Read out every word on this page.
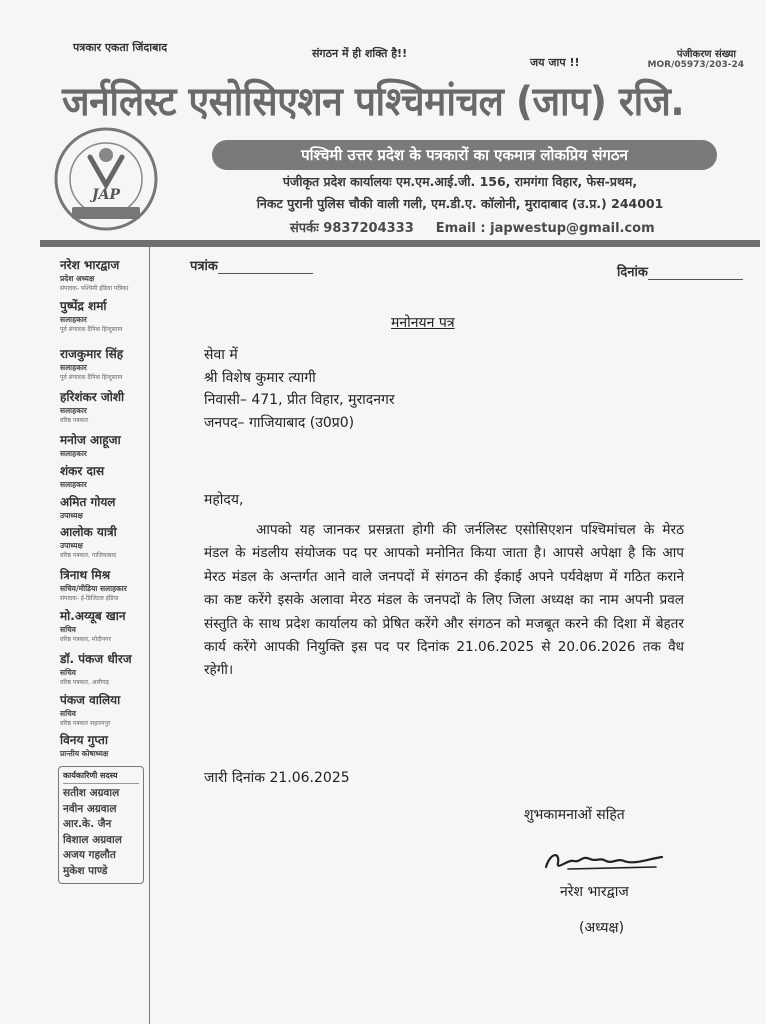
पत्रकार एकता जिंदाबाद	संगठन में ही शक्ति है!!
जय जाप !!
पंजीकरण संख्या
MOR/05973/203-24
जर्नलिस्ट एसोसिएशन पश्चिमांचल (जाप) रजि.
JAP
पश्चिमी उत्तर प्रदेश के पत्रकारों का एकमात्र लोकप्रिय संगठन
पंजीकृत प्रदेश कार्यालयः एम.एम.आई.जी. 156, रामगंगा विहार, फेस-प्रथम,
निकट पुरानी पुलिस चौकी वाली गली, एम.डी.ए. कॉलोनी, मुरादाबाद (उ.प्र.) 244001
संपर्कः 9837204333 Email : japwestup@gmail.com
नरेश भारद्वाज
प्रदेश अध्यक्ष
संपादक- पश्चिमी इंडिया पत्रिका
पुष्पेंद्र शर्मा
सलाहकार
पूर्व संपादक दैनिक हिन्दुस्तान
राजकुमार सिंह
सलाहकार
पूर्व संपादक दैनिक हिन्दुस्तान
हरिशंकर जोशी
सलाहकार
वरिष्ठ पत्रकार
मनोज आहूजा
सलाहकार
शंकर दास
सलाहकार
अमित गोयल
उपाध्यक्ष
आलोक यात्री
उपाध्यक्ष
वरिष्ठ पत्रकार, गाजियाबाद
त्रिनाथ मिश्र
सचिव/मीडिया सलाहकार
संपादक- ई-डिजिटल इंडिया
मो.अय्यूब खान
सचिव
वरिष्ठ पत्रकार, मोदीनगर
डॉ. पंकज धीरज
सचिव
वरिष्ठ पत्रकार, अलीगढ़
पंकज वालिया
सचिव
वरिष्ठ पत्रकार सहारनपुर
विनय गुप्ता
प्रान्तीय कोषाध्यक्ष
कार्यकारिणी सदस्य
सतीश अग्रवाल
नवीन अग्रवाल
आर.के. जैन
विशाल अग्रवाल
अजय गहलौत
मुकेश पाण्डे
पत्रांक	दिनांक
मनोनयन पत्र
सेवा में
श्री विशेष कुमार त्यागी
निवासी– 471, प्रीत विहार, मुरादनगर
जनपद– गाजियाबाद (उ0प्र0)
महोदय,
आपको यह जानकर प्रसन्नता होगी की जर्नलिस्ट एसोसिएशन पश्चिमांचल के मेरठ मंडल के मंडलीय संयोजक पद पर आपको मनोनित किया जाता है। आपसे अपेक्षा है कि आप मेरठ मंडल के अन्तर्गत आने वाले जनपदों में संगठन की ईकाई अपने पर्यवेक्षण में गठित कराने का कष्ट करेंगे इसके अलावा मेरठ मंडल के जनपदों के लिए जिला अध्यक्ष का नाम अपनी प्रवल संस्तुति के साथ प्रदेश कार्यालय को प्रेषित करेंगे और संगठन को मजबूत करने की दिशा में बेहतर कार्य करेंगे आपकी नियुक्ति इस पद पर दिनांक 21.06.2025 से 20.06.2026 तक वैध रहेगी।
जारी दिनांक 21.06.2025
शुभकामनाओं सहित
नरेश भारद्वाज
(अध्यक्ष)
